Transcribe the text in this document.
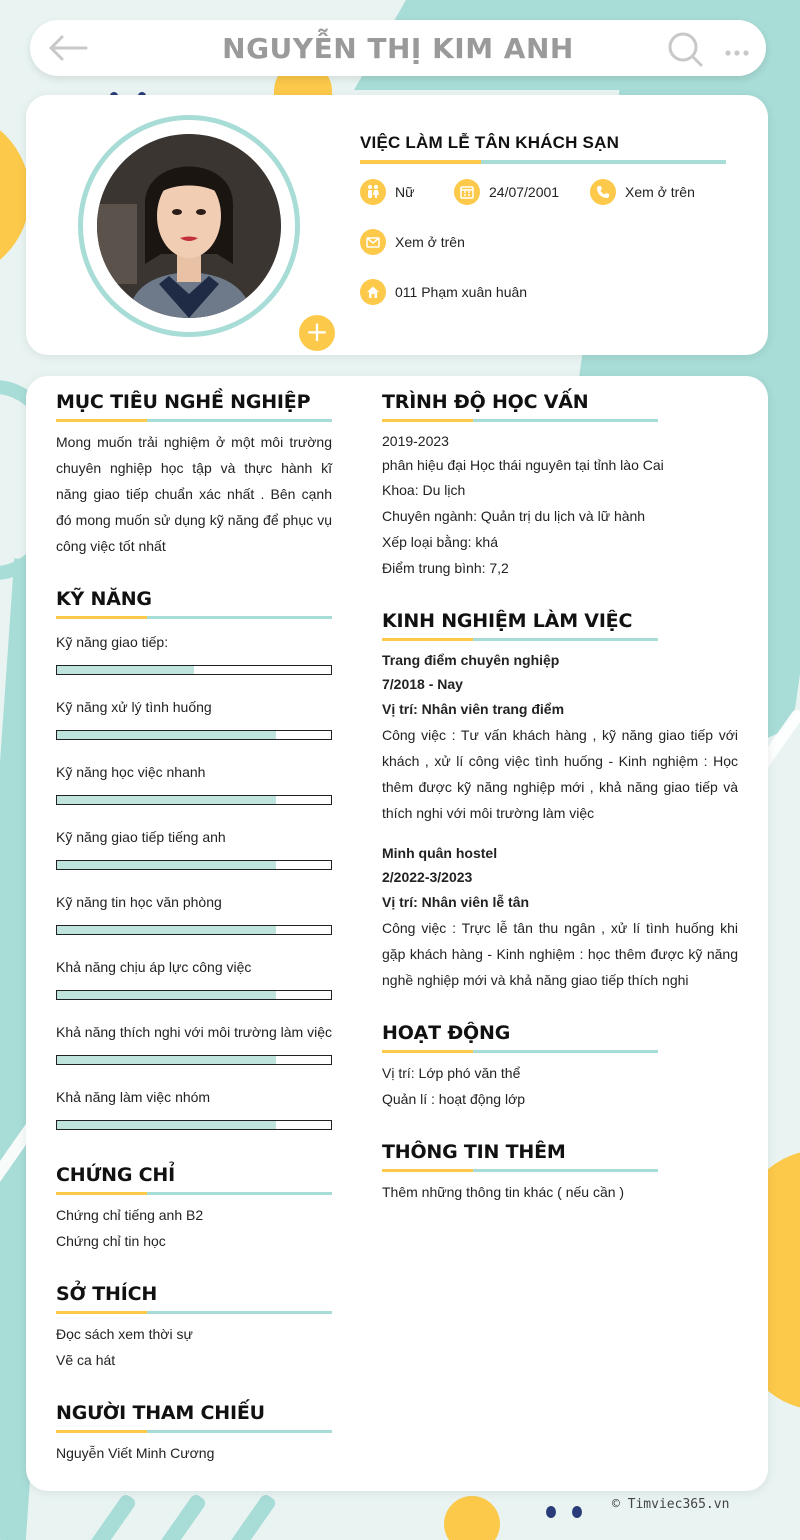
NGUYỄN THỊ KIM ANH
+
VIỆC LÀM LỄ TÂN KHÁCH SẠN
Nữ	24/07/2001	Xem ở trên
Xem ở trên
011 Phạm xuân huân
MỤC TIÊU NGHỀ NGHIỆP
Mong muốn trải nghiệm ở một môi trường chuyên nghiệp học tập và thực hành kĩ năng giao tiếp chuẩn xác nhất . Bên cạnh đó mong muốn sử dụng kỹ năng để phục vụ công việc tốt nhất
KỸ NĂNG
Kỹ năng giao tiếp:
Kỹ năng xử lý tình huống
Kỹ năng học việc nhanh
Kỹ năng giao tiếp tiếng anh
Kỹ năng tin học văn phòng
Khả năng chịu áp lực công việc
Khả năng thích nghi với môi trường làm việc
Khả năng làm việc nhóm
CHỨNG CHỈ
Chứng chỉ tiếng anh B2
Chứng chỉ tin học
SỞ THÍCH
Đọc sách xem thời sự
Vẽ ca hát
NGƯỜI THAM CHIẾU
Nguyễn Viết Minh Cương
TRÌNH ĐỘ HỌC VẤN
2019-2023
phân hiệu đại Học thái nguyên tại tỉnh lào Cai
Khoa: Du lịch
Chuyên ngành: Quản trị du lịch và lữ hành
Xếp loại bằng: khá
Điểm trung bình: 7,2
KINH NGHIỆM LÀM VIỆC
Trang điểm chuyên nghiệp
7/2018 - Nay
Vị trí: Nhân viên trang điểm
Công việc : Tư vấn khách hàng , kỹ năng giao tiếp với khách , xử lí công việc tình huống - Kinh nghiệm : Học thêm được kỹ năng nghiệp mới , khả năng giao tiếp và thích nghi với môi trường làm việc
Minh quân hostel
2/2022-3/2023
Vị trí: Nhân viên lễ tân
Công việc : Trực lễ tân thu ngân , xử lí tình huống khi gặp khách hàng - Kinh nghiệm : học thêm được kỹ năng nghề nghiệp mới và khả năng giao tiếp thích nghi
HOẠT ĐỘNG
Vị trí: Lớp phó văn thể
Quản lí : hoạt động lớp
THÔNG TIN THÊM
Thêm những thông tin khác ( nếu cần )
© Timviec365.vn
